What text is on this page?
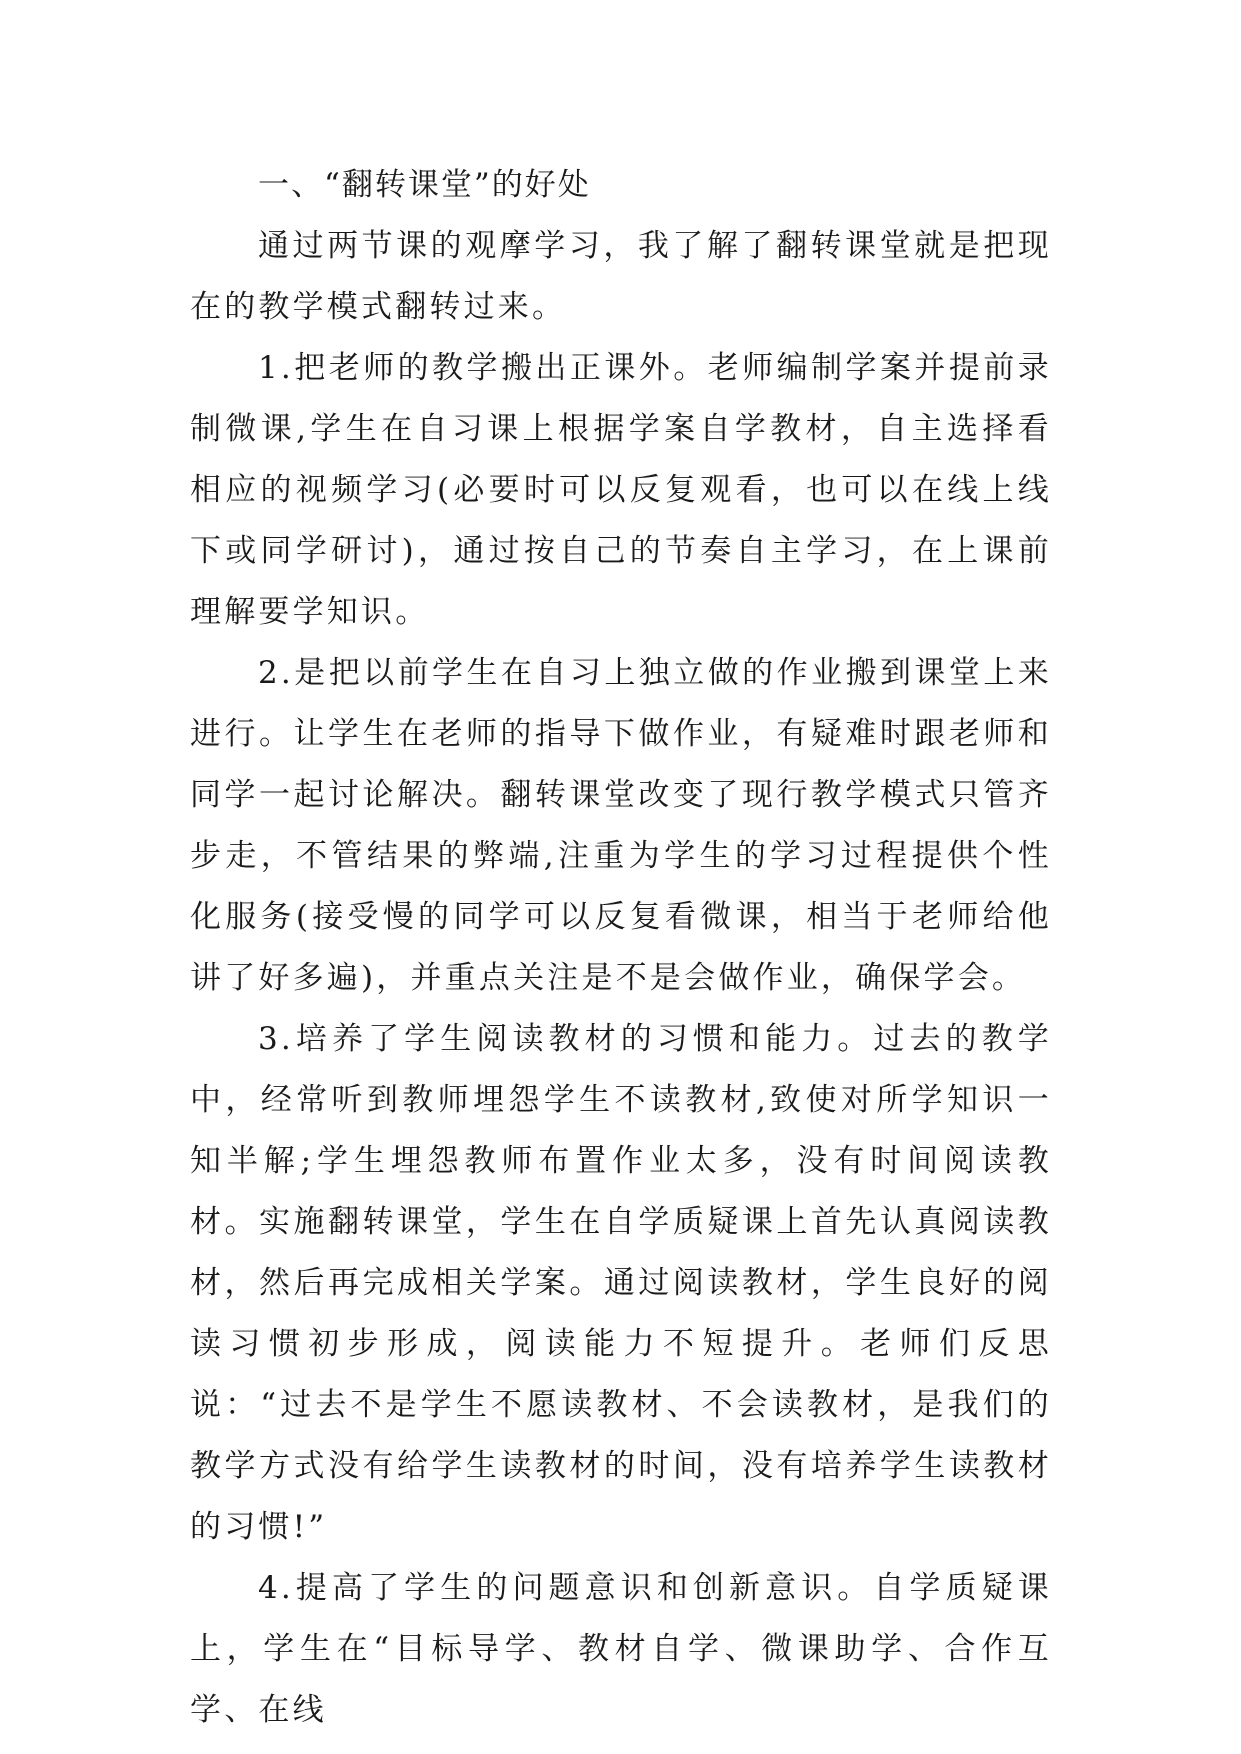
一、“翻转课堂”的好处

通过两节课的观摩学习，我了解了翻转课堂就是把现在的教学模式翻转过来。

1.把老师的教学搬出正课外。老师编制学案并提前录制微课,学生在自习课上根据学案自学教材，自主选择看相应的视频学习(必要时可以反复观看，也可以在线上线下或同学研讨)，通过按自己的节奏自主学习，在上课前理解要学知识。

2.是把以前学生在自习上独立做的作业搬到课堂上来进行。让学生在老师的指导下做作业，有疑难时跟老师和同学一起讨论解决。翻转课堂改变了现行教学模式只管齐步走，不管结果的弊端,注重为学生的学习过程提供个性化服务(接受慢的同学可以反复看微课，相当于老师给他讲了好多遍)，并重点关注是不是会做作业，确保学会。

3.培养了学生阅读教材的习惯和能力。过去的教学中，经常听到教师埋怨学生不读教材,致使对所学知识一知半解;学生埋怨教师布置作业太多，没有时间阅读教材。实施翻转课堂，学生在自学质疑课上首先认真阅读教材，然后再完成相关学案。通过阅读教材，学生良好的阅读习惯初步形成，阅读能力不短提升。老师们反思说：“过去不是学生不愿读教材、不会读教材，是我们的教学方式没有给学生读教材的时间，没有培养学生读教材的习惯!”

4.提高了学生的问题意识和创新意识。自学质疑课上，学生在“目标导学、教材自学、微课助学、合作互学、在线
